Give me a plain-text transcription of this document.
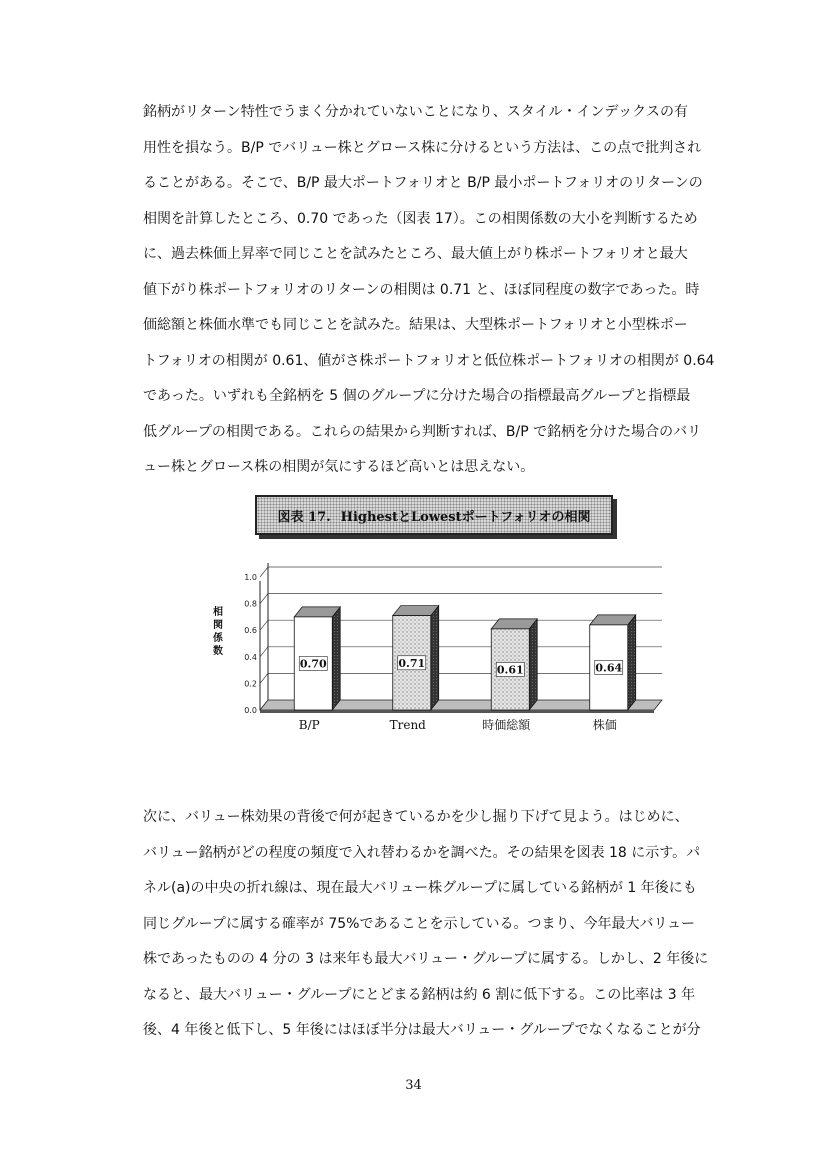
銘柄がリターン特性でうまく分かれていないことになり、スタイル・インデックスの有
用性を損なう。B/P でバリュー株とグロース株に分けるという方法は、この点で批判され
ることがある。そこで、B/P 最大ポートフォリオと B/P 最小ポートフォリオのリターンの
相関を計算したところ、0.70 であった（図表 17）。この相関係数の大小を判断するため
に、過去株価上昇率で同じことを試みたところ、最大値上がり株ポートフォリオと最大
値下がり株ポートフォリオのリターンの相関は 0.71 と、ほぼ同程度の数字であった。時
価総額と株価水準でも同じことを試みた。結果は、大型株ポートフォリオと小型株ポー
トフォリオの相関が 0.61、値がさ株ポートフォリオと低位株ポートフォリオの相関が 0.64
であった。いずれも全銘柄を 5 個のグループに分けた場合の指標最高グループと指標最
低グループの相関である。これらの結果から判断すれば、B/P で銘柄を分けた場合のバリ
ュー株とグロース株の相関が気にするほど高いとは思えない。
図表 17. HighestとLowestポートフォリオの相関
0.0
0.2
0.4
0.6
0.8
1.0
相
関
係
数
0.70
B/P
0.71
Trend
0.61
時価総額
0.64
株価
次に、バリュー株効果の背後で何が起きているかを少し掘り下げて見よう。はじめに、
バリュー銘柄がどの程度の頻度で入れ替わるかを調べた。その結果を図表 18 に示す。パ
ネル(a)の中央の折れ線は、現在最大バリュー株グループに属している銘柄が 1 年後にも
同じグループに属する確率が 75%であることを示している。つまり、今年最大バリュー
株であったものの 4 分の 3 は来年も最大バリュー・グループに属する。しかし、2 年後に
なると、最大バリュー・グループにとどまる銘柄は約 6 割に低下する。この比率は 3 年
後、4 年後と低下し、5 年後にはほぼ半分は最大バリュー・グループでなくなることが分
34
